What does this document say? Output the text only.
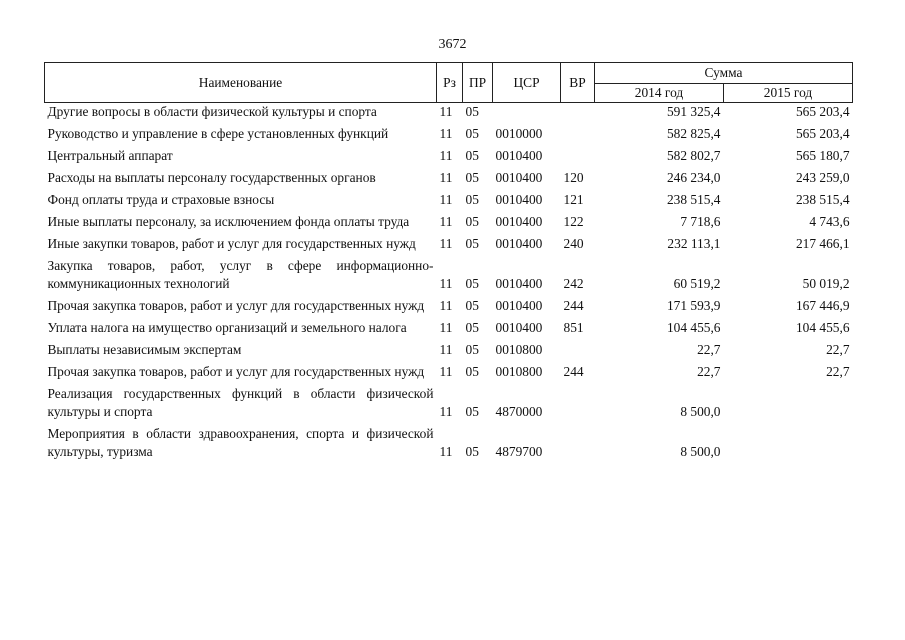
3672
Наименование	Рз	ПР	ЦСР	ВР	Сумма	
					2014 год	2015 год
Другие вопросы в области физической культуры и спорта	11	05			591 325,4	565 203,4

Руководство и управление в сфере установленных функций	11	05	0010000		582 825,4	565 203,4

Центральный аппарат	11	05	0010400		582 802,7	565 180,7

Расходы на выплаты персоналу государственных органов	11	05	0010400	120	246 234,0	243 259,0

Фонд оплаты труда и страховые взносы	11	05	0010400	121	238 515,4	238 515,4

Иные выплаты персоналу, за исключением фонда оплаты труда	11	05	0010400	122	7 718,6	4 743,6

Иные закупки товаров, работ и услуг для государственных нужд	11	05	0010400	240	232 113,1	217 466,1

Закупка товаров, работ, услуг в сфере информационно-коммуникационных технологий	11	05	0010400	242	60 519,2	50 019,2

Прочая закупка товаров, работ и услуг для государственных нужд	11	05	0010400	244	171 593,9	167 446,9

Уплата налога на имущество организаций и земельного налога	11	05	0010400	851	104 455,6	104 455,6

Выплаты независимым экспертам	11	05	0010800		22,7	22,7

Прочая закупка товаров, работ и услуг для государственных нужд	11	05	0010800	244	22,7	22,7

Реализация государственных функций в области физической культуры и спорта	11	05	4870000		8 500,0	

Мероприятия в области здравоохранения, спорта и физической культуры, туризма	11	05	4879700		8 500,0	
